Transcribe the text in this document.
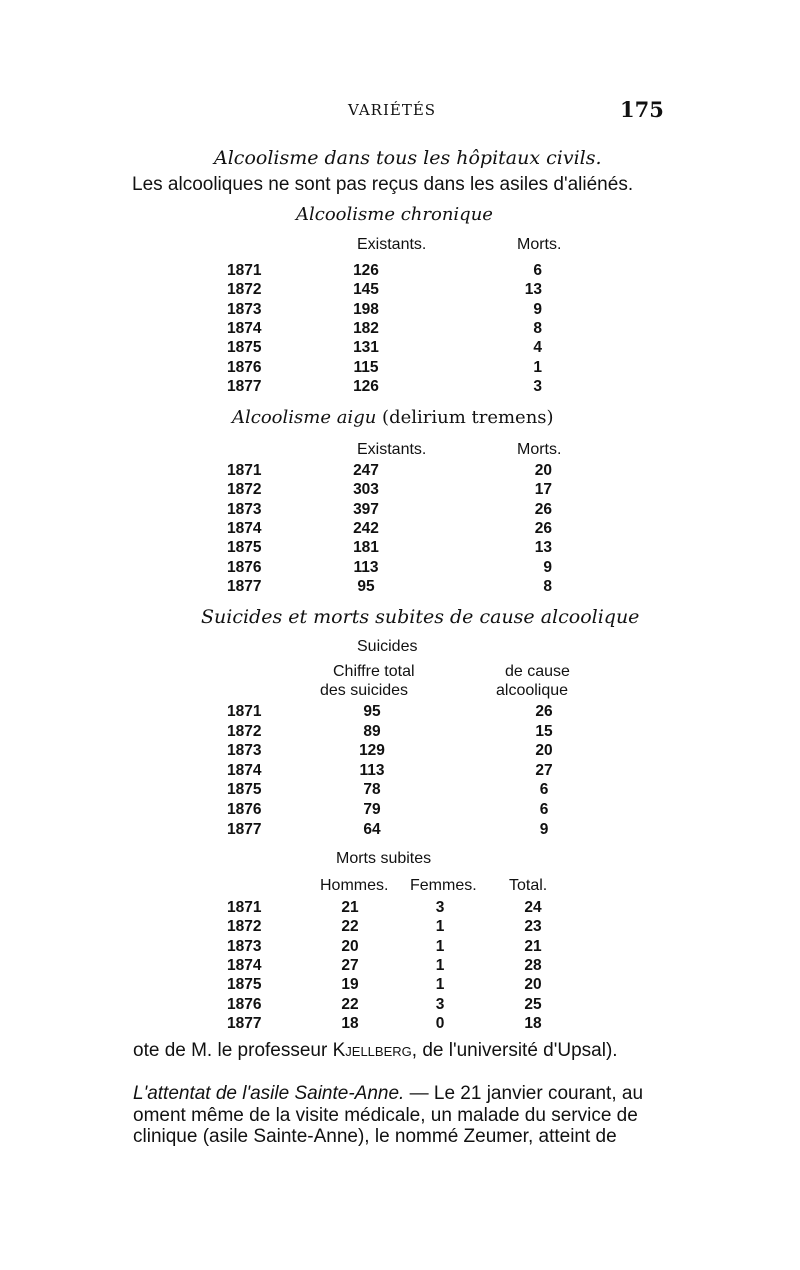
VARIÉTÉS	175
Alcoolisme dans tous les hôpitaux civils.
Les alcooliques ne sont pas reçus dans les asiles d'aliénés.
Alcoolisme chronique
Existants.	Morts.
1871	126	6
1872	145	13
1873	198	9
1874	182	8
1875	131	4
1876	115	1
1877	126	3
Alcoolisme aigu (delirium tremens)
Existants.	Morts.
1871	247	20
1872	303	17
1873	397	26
1874	242	26
1875	181	13
1876	113	9
1877	95	8
Suicides et morts subites de cause alcoolique
Suicides
Chiffre total
des suicides
de cause
alcoolique
1871	95	26
1872	89	15
1873	129	20
1874	113	27
1875	78	6
1876	79	6
1877	64	9
Morts subites
Hommes. Femmes. Total.
1871	21	3	24
1872	22	1	23
1873	20	1	21
1874	27	1	28
1875	19	1	20
1876	22	3	25
1877	18	0	18
ote de M. le professeur Kjellberg, de l'université d'Upsal).
L'attentat de l'asile Sainte-Anne. — Le 21 janvier courant, au
oment même de la visite médicale, un malade du service de
clinique (asile Sainte-Anne), le nommé Zeumer, atteint de
